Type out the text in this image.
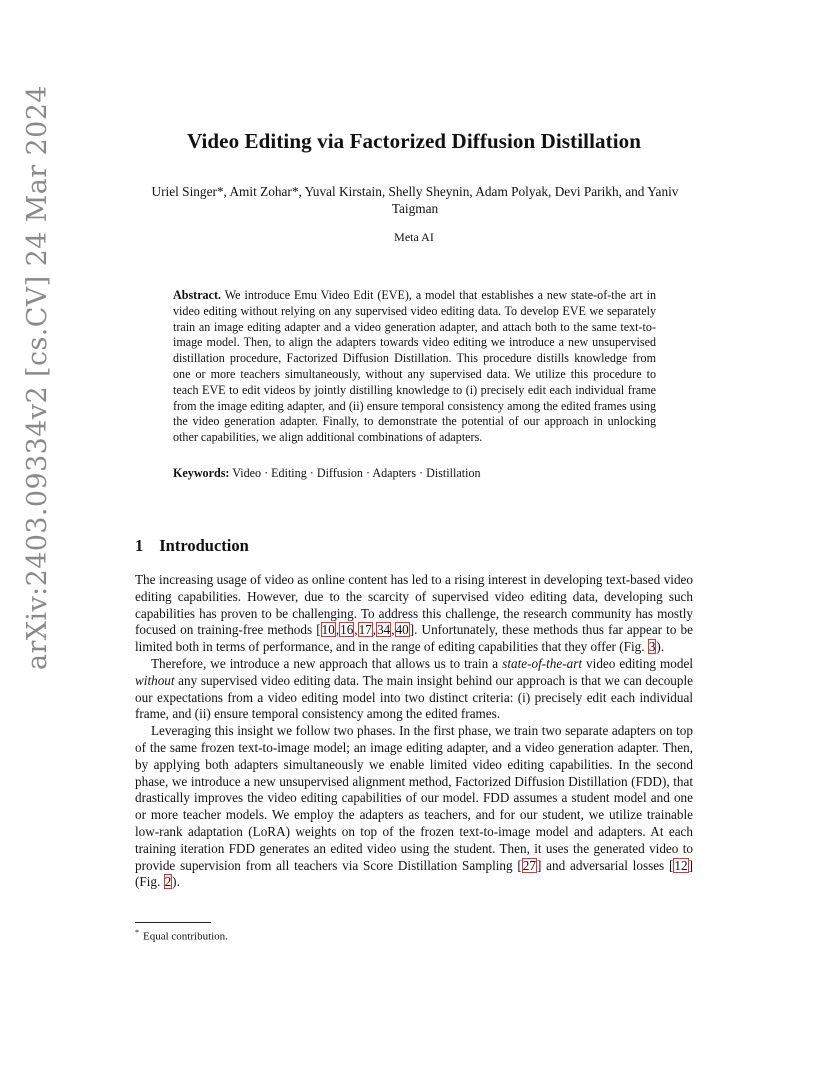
arXiv:2403.09334v2 [cs.CV] 24 Mar 2024	Video Editing via Factorized Diffusion Distillation
Uriel Singer*, Amit Zohar*, Yuval Kirstain, Shelly Sheynin, Adam Polyak, Devi Parikh, and Yaniv Taigman
Meta AI
Abstract. We introduce Emu Video Edit (EVE), a model that establishes a new state-of-the art in video editing without relying on any supervised video editing data. To develop EVE we separately train an image editing adapter and a video generation adapter, and attach both to the same text-to-image model. Then, to align the adapters towards video editing we introduce a new unsupervised distillation procedure, Factorized Diffusion Distillation. This procedure distills knowledge from one or more teachers simultaneously, without any supervised data. We utilize this procedure to teach EVE to edit videos by jointly distilling knowledge to (i) precisely edit each individual frame from the image editing adapter, and (ii) ensure temporal consistency among the edited frames using the video generation adapter. Finally, to demonstrate the potential of our approach in unlocking other capabilities, we align additional combinations of adapters.
Keywords: Video · Editing · Diffusion · Adapters · Distillation
1 Introduction

The increasing usage of video as online content has led to a rising interest in developing text-based video editing capabilities. However, due to the scarcity of supervised video editing data, developing such capabilities has proven to be challenging. To address this challenge, the research community has mostly focused on training-free methods [10,16,17,34,40]. Unfortunately, these methods thus far appear to be limited both in terms of performance, and in the range of editing capabilities that they offer (Fig. 3).

Therefore, we introduce a new approach that allows us to train a state-of-the-art video editing model without any supervised video editing data. The main insight behind our approach is that we can decouple our expectations from a video editing model into two distinct criteria: (i) precisely edit each individual frame, and (ii) ensure temporal consistency among the edited frames.

Leveraging this insight we follow two phases. In the first phase, we train two separate adapters on top of the same frozen text-to-image model; an image editing adapter, and a video generation adapter. Then, by applying both adapters simultaneously we enable limited video editing capabilities. In the second phase, we introduce a new unsupervised alignment method, Factorized Diffusion Distillation (FDD), that drastically improves the video editing capabilities of our model. FDD assumes a student model and one or more teacher models. We employ the adapters as teachers, and for our student, we utilize trainable low-rank adaptation (LoRA) weights on top of the frozen text-to-image model and adapters. At each training iteration FDD generates an edited video using the student. Then, it uses the generated video to provide supervision from all teachers via Score Distillation Sampling [27] and adversarial losses [12] (Fig. 2).

* Equal contribution.
